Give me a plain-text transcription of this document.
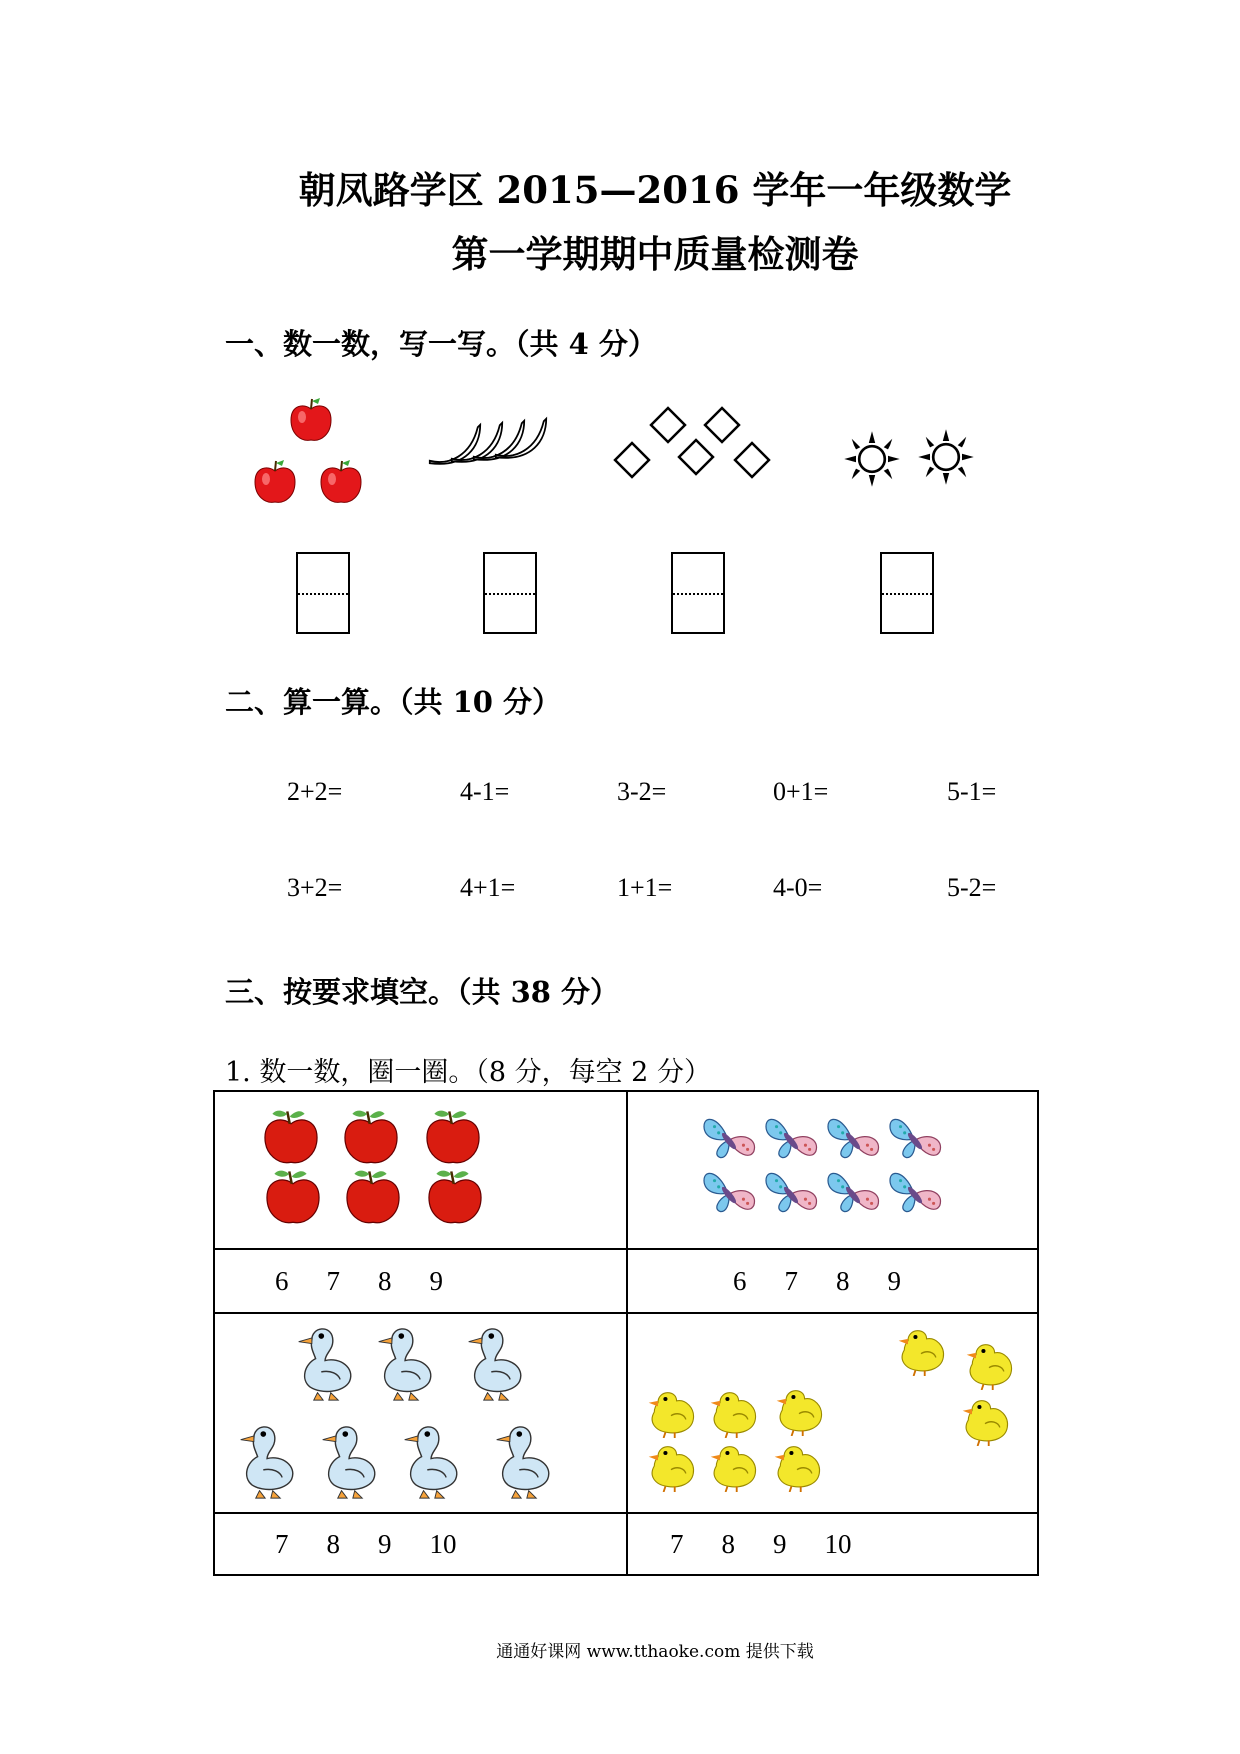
朝凤路学区 2015—2016 学年一年级数学
第一学期期中质量检测卷
一、数一数，写一写。（共 4 分）
二、算一算。（共 10 分）
2+2=	4-1=	3-2=	0+1=	5-1=
3+2=	4+1=	1+1=	4-0=	5-2=
三、按要求填空。（共 38 分）
1. 数一数，圈一圈。（8 分，每空 2 分）

6 7 8 9	6 7 8 9

7 8 9 10	7 8 9 10
通通好课网 www.tthaoke.com 提供下载
